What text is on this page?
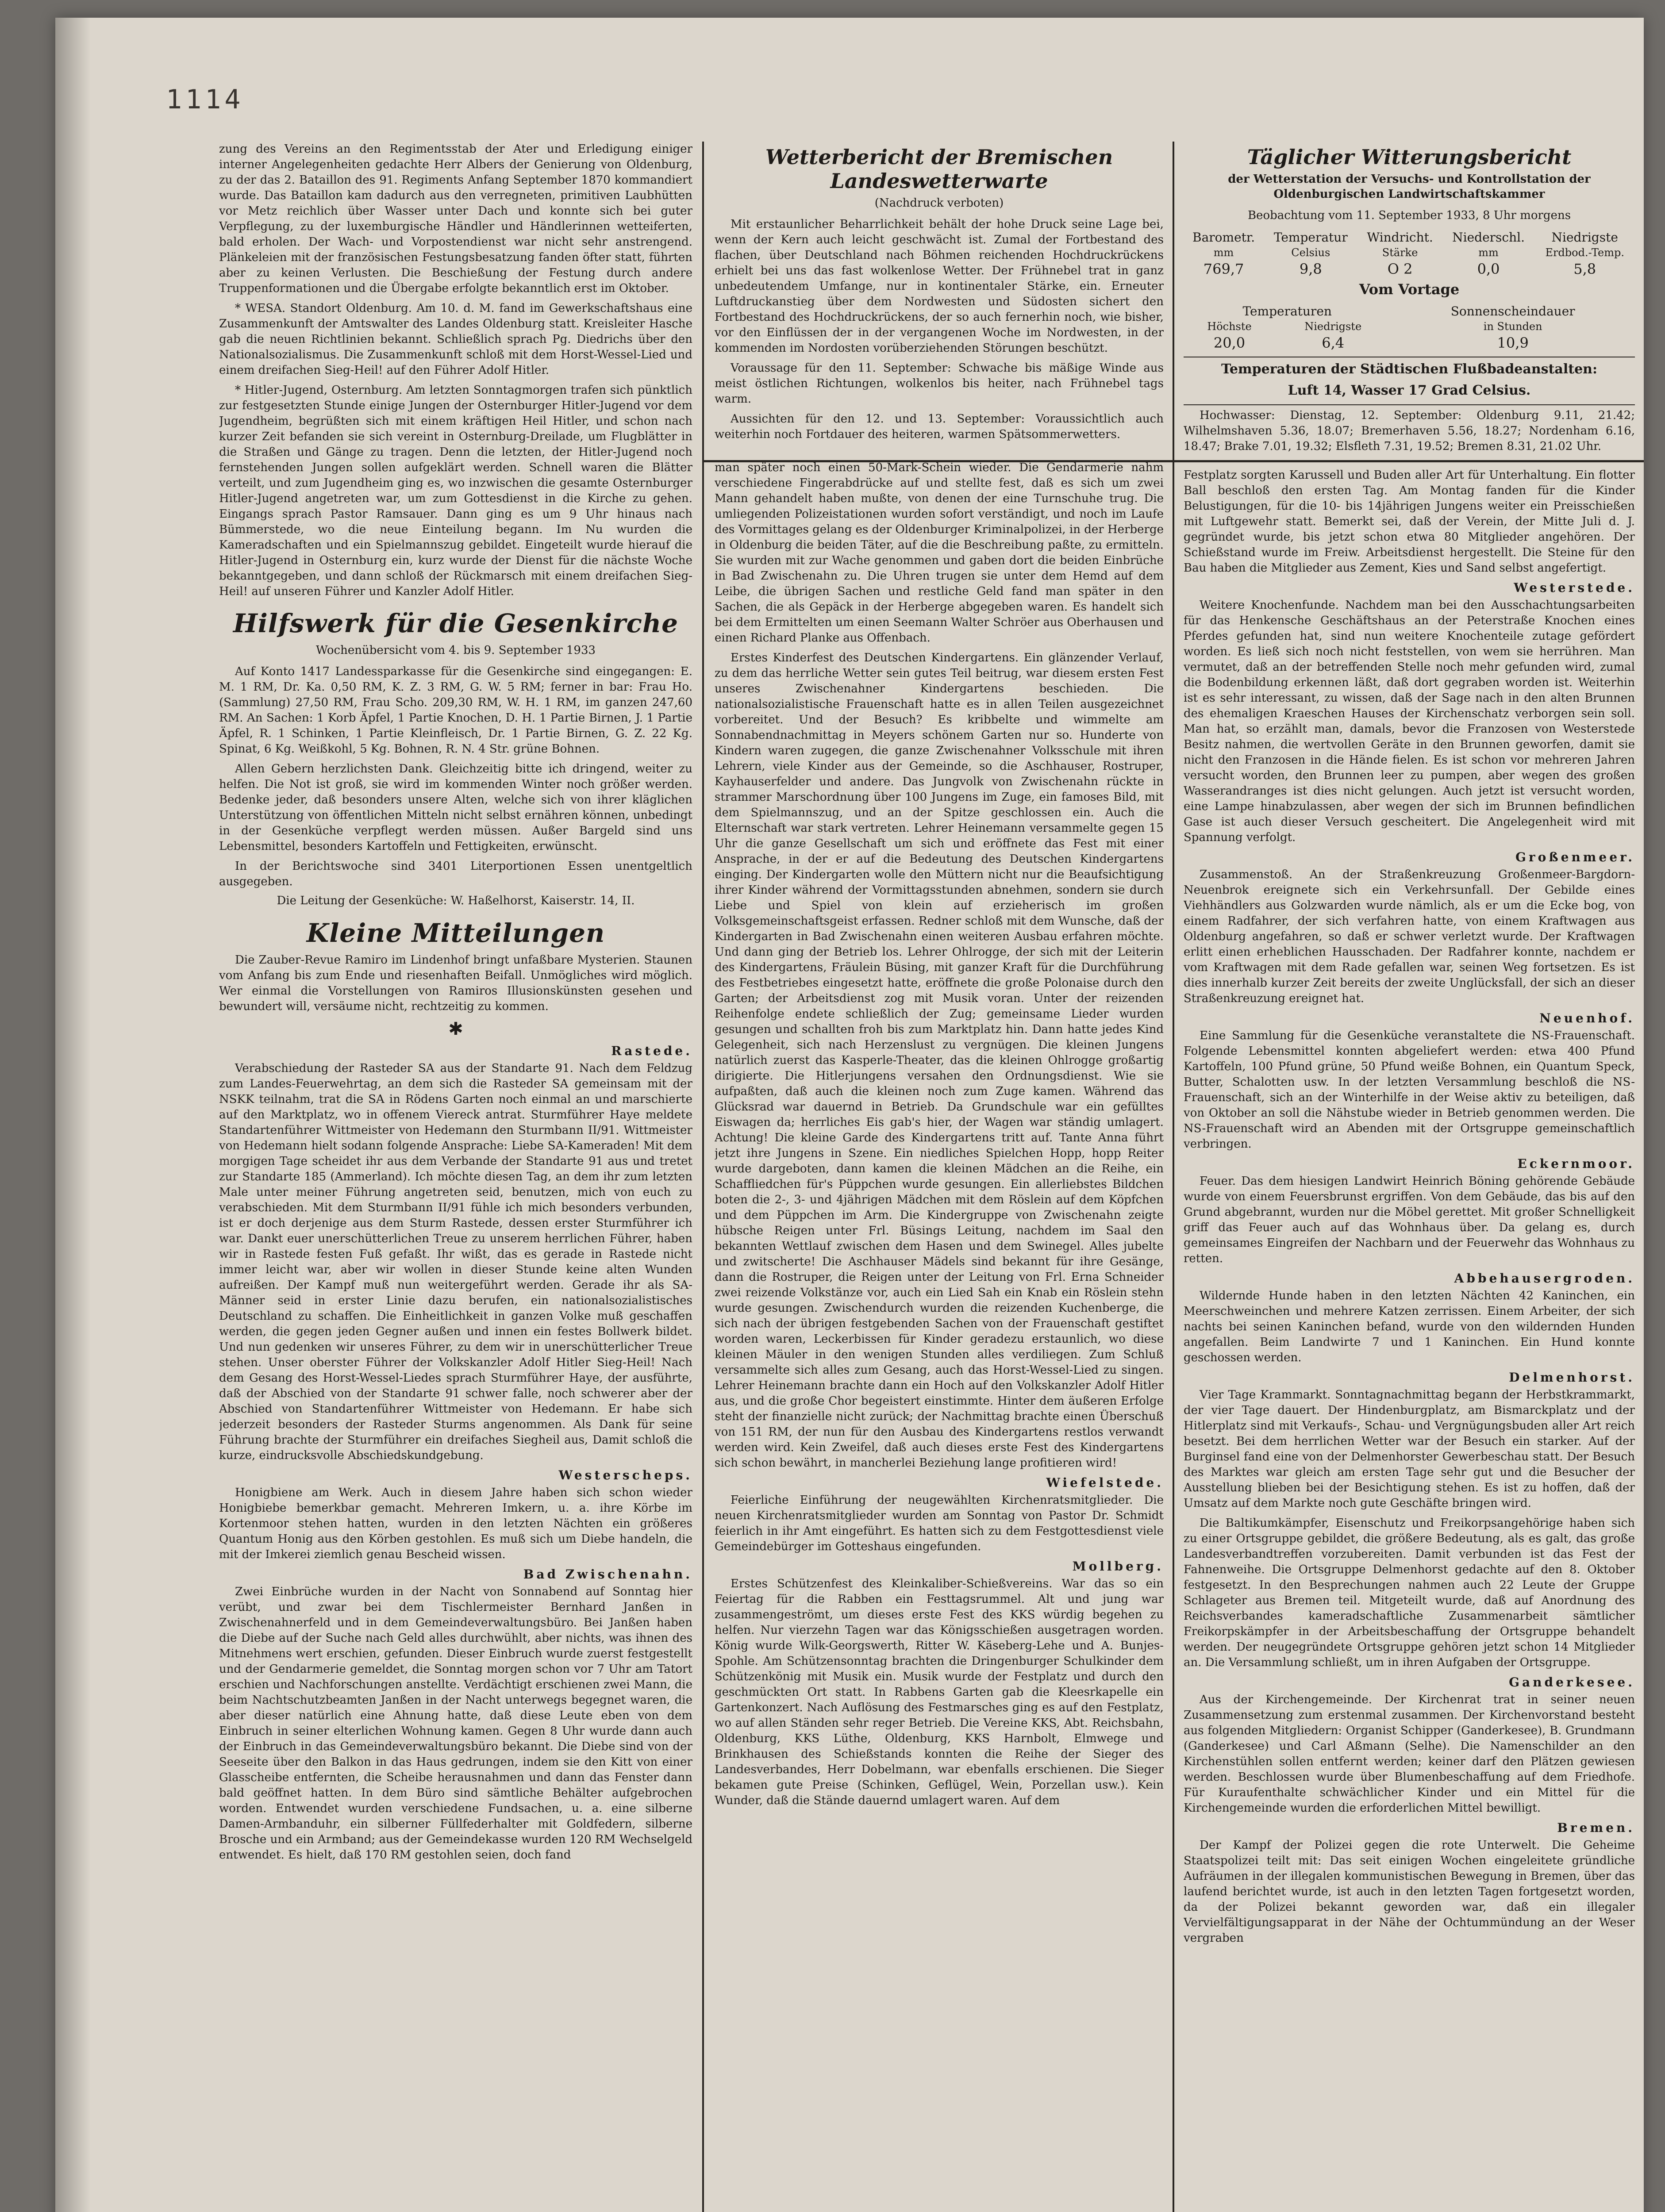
1114

zung des Vereins an den Regimentsstab der Ater und Erledigung einiger interner Angelegenheiten gedachte Herr Albers der Genierung von Oldenburg, zu der das 2. Bataillon des 91. Regiments Anfang September 1870 kommandiert wurde. Das Bataillon kam dadurch aus den verregneten, primitiven Laubhütten vor Metz reichlich über Wasser unter Dach und konnte sich bei guter Verpflegung, zu der luxemburgische Händler und Händlerinnen wetteiferten, bald erholen. Der Wach- und Vorpostendienst war nicht sehr anstrengend. Plänkeleien mit der französischen Festungsbesatzung fanden öfter statt, führten aber zu keinen Verlusten. Die Beschießung der Festung durch andere Truppenformationen und die Übergabe erfolgte bekanntlich erst im Oktober.

* WESA. Standort Oldenburg. Am 10. d. M. fand im Gewerkschaftshaus eine Zusammenkunft der Amtswalter des Landes Oldenburg statt. Kreisleiter Hasche gab die neuen Richtlinien bekannt. Schließlich sprach Pg. Diedrichs über den Nationalsozialismus. Die Zusammenkunft schloß mit dem Horst-Wessel-Lied und einem dreifachen Sieg-Heil! auf den Führer Adolf Hitler.

* Hitler-Jugend, Osternburg. Am letzten Sonntagmorgen trafen sich pünktlich zur festgesetzten Stunde einige Jungen der Osternburger Hitler-Jugend vor dem Jugendheim, begrüßten sich mit einem kräftigen Heil Hitler, und schon nach kurzer Zeit befanden sie sich vereint in Osternburg-Dreilade, um Flugblätter in die Straßen und Gänge zu tragen. Denn die letzten, der Hitler-Jugend noch fernstehenden Jungen sollen aufgeklärt werden. Schnell waren die Blätter verteilt, und zum Jugendheim ging es, wo inzwischen die gesamte Osternburger Hitler-Jugend angetreten war, um zum Gottesdienst in die Kirche zu gehen. Eingangs sprach Pastor Ramsauer. Dann ging es um 9 Uhr hinaus nach Bümmerstede, wo die neue Einteilung begann. Im Nu wurden die Kameradschaften und ein Spielmannszug gebildet. Eingeteilt wurde hierauf die Hitler-Jugend in Osternburg ein, kurz wurde der Dienst für die nächste Woche bekanntgegeben, und dann schloß der Rückmarsch mit einem dreifachen Sieg-Heil! auf unseren Führer und Kanzler Adolf Hitler.

Hilfswerk für die Gesenkirche
Wochenübersicht vom 4. bis 9. September 1933

Auf Konto 1417 Landessparkasse für die Gesenkirche sind eingegangen: E. M. 1 RM, Dr. Ka. 0,50 RM, K. Z. 3 RM, G. W. 5 RM; ferner in bar: Frau Ho. (Sammlung) 27,50 RM, Frau Scho. 209,30 RM, W. H. 1 RM, im ganzen 247,60 RM. An Sachen: 1 Korb Äpfel, 1 Partie Knochen, D. H. 1 Partie Birnen, J. 1 Partie Äpfel, R. 1 Schinken, 1 Partie Kleinfleisch, Dr. 1 Partie Birnen, G. Z. 22 Kg. Spinat, 6 Kg. Weißkohl, 5 Kg. Bohnen, R. N. 4 Str. grüne Bohnen.

Allen Gebern herzlichsten Dank. Gleichzeitig bitte ich dringend, weiter zu helfen. Die Not ist groß, sie wird im kommenden Winter noch größer werden. Bedenke jeder, daß besonders unsere Alten, welche sich von ihrer kläglichen Unterstützung von öffentlichen Mitteln nicht selbst ernähren können, unbedingt in der Gesenküche verpflegt werden müssen. Außer Bargeld sind uns Lebensmittel, besonders Kartoffeln und Fettigkeiten, erwünscht.

In der Berichtswoche sind 3401 Literportionen Essen unentgeltlich ausgegeben.

Die Leitung der Gesenküche: W. Haßelhorst, Kaiserstr. 14, II.
Kleine Mitteilungen

Die Zauber-Revue Ramiro im Lindenhof bringt unfaßbare Mysterien. Staunen vom Anfang bis zum Ende und riesenhaften Beifall. Unmögliches wird möglich. Wer einmal die Vorstellungen von Ramiros Illusionskünsten gesehen und bewundert will, versäume nicht, rechtzeitig zu kommen.

✱
Rastede.

Verabschiedung der Rasteder SA aus der Standarte 91. Nach dem Feldzug zum Landes-Feuerwehrtag, an dem sich die Rasteder SA gemeinsam mit der NSKK teilnahm, trat die SA in Rödens Garten noch einmal an und marschierte auf den Marktplatz, wo in offenem Viereck antrat. Sturmführer Haye meldete Standartenführer Wittmeister von Hedemann den Sturmbann II/91. Wittmeister von Hedemann hielt sodann folgende Ansprache: Liebe SA-Kameraden! Mit dem morgigen Tage scheidet ihr aus dem Verbande der Standarte 91 aus und tretet zur Standarte 185 (Ammerland). Ich möchte diesen Tag, an dem ihr zum letzten Male unter meiner Führung angetreten seid, benutzen, mich von euch zu verabschieden. Mit dem Sturmbann II/91 fühle ich mich besonders verbunden, ist er doch derjenige aus dem Sturm Rastede, dessen erster Sturmführer ich war. Dankt euer unerschütterlichen Treue zu unserem herrlichen Führer, haben wir in Rastede festen Fuß gefaßt. Ihr wißt, das es gerade in Rastede nicht immer leicht war, aber wir wollen in dieser Stunde keine alten Wunden aufreißen. Der Kampf muß nun weitergeführt werden. Gerade ihr als SA-Männer seid in erster Linie dazu berufen, ein nationalsozialistisches Deutschland zu schaffen. Die Einheitlichkeit in ganzen Volke muß geschaffen werden, die gegen jeden Gegner außen und innen ein festes Bollwerk bildet. Und nun gedenken wir unseres Führer, zu dem wir in unerschütterlicher Treue stehen. Unser oberster Führer der Volkskanzler Adolf Hitler Sieg-Heil! Nach dem Gesang des Horst-Wessel-Liedes sprach Sturmführer Haye, der ausführte, daß der Abschied von der Standarte 91 schwer falle, noch schwerer aber der Abschied von Standartenführer Wittmeister von Hedemann. Er habe sich jederzeit besonders der Rasteder Sturms angenommen. Als Dank für seine Führung brachte der Sturmführer ein dreifaches Siegheil aus, Damit schloß die kurze, eindrucksvolle Abschiedskundgebung.

Westerscheps.

Honigbiene am Werk. Auch in diesem Jahre haben sich schon wieder Honigbiebe bemerkbar gemacht. Mehreren Imkern, u. a. ihre Körbe im Kortenmoor stehen hatten, wurden in den letzten Nächten ein größeres Quantum Honig aus den Körben gestohlen. Es muß sich um Diebe handeln, die mit der Imkerei ziemlich genau Bescheid wissen.

Bad Zwischenahn.

Zwei Einbrüche wurden in der Nacht von Sonnabend auf Sonntag hier verübt, und zwar bei dem Tischlermeister Bernhard Janßen in Zwischenahnerfeld und in dem Gemeindeverwaltungsbüro. Bei Janßen haben die Diebe auf der Suche nach Geld alles durchwühlt, aber nichts, was ihnen des Mitnehmens wert erschien, gefunden. Dieser Einbruch wurde zuerst festgestellt und der Gendarmerie gemeldet, die Sonntag morgen schon vor 7 Uhr am Tatort erschien und Nachforschungen anstellte. Verdächtigt erschienen zwei Mann, die beim Nachtschutzbeamten Janßen in der Nacht unterwegs begegnet waren, die aber dieser natürlich eine Ahnung hatte, daß diese Leute eben von dem Einbruch in seiner elterlichen Wohnung kamen. Gegen 8 Uhr wurde dann auch der Einbruch in das Gemeindeverwaltungsbüro bekannt. Die Diebe sind von der Seeseite über den Balkon in das Haus gedrungen, indem sie den Kitt von einer Glasscheibe entfernten, die Scheibe herausnahmen und dann das Fenster dann bald geöffnet hatten. In dem Büro sind sämtliche Behälter aufgebrochen worden. Entwendet wurden verschiedene Fundsachen, u. a. eine silberne Damen-Armbanduhr, ein silberner Füllfederhalter mit Goldfedern, silberne Brosche und ein Armband; aus der Gemeindekasse wurden 120 RM Wechselgeld entwendet. Es hielt, daß 170 RM gestohlen seien, doch fand

Wetterbericht der Bremischen Landeswetterwarte
(Nachdruck verboten)

Mit erstaunlicher Beharrlichkeit behält der hohe Druck seine Lage bei, wenn der Kern auch leicht geschwächt ist. Zumal der Fortbestand des flachen, über Deutschland nach Böhmen reichenden Hochdruckrückens erhielt bei uns das fast wolkenlose Wetter. Der Frühnebel trat in ganz unbedeutendem Umfange, nur in kontinentaler Stärke, ein. Erneuter Luftdruckanstieg über dem Nordwesten und Südosten sichert den Fortbestand des Hochdruckrückens, der so auch fernerhin noch, wie bisher, vor den Einflüssen der in der vergangenen Woche im Nordwesten, in der kommenden im Nordosten vorüberziehenden Störungen beschützt.

Voraussage für den 11. September: Schwache bis mäßige Winde aus meist östlichen Richtungen, wolkenlos bis heiter, nach Frühnebel tags warm.

Aussichten für den 12. und 13. September: Voraussichtlich auch weiterhin noch Fortdauer des heiteren, warmen Spätsommerwetters.

man später noch einen 50-Mark-Schein wieder. Die Gendarmerie nahm verschiedene Fingerabdrücke auf und stellte fest, daß es sich um zwei Mann gehandelt haben mußte, von denen der eine Turnschuhe trug. Die umliegenden Polizeistationen wurden sofort verständigt, und noch im Laufe des Vormittages gelang es der Oldenburger Kriminalpolizei, in der Herberge in Oldenburg die beiden Täter, auf die die Beschreibung paßte, zu ermitteln. Sie wurden mit zur Wache genommen und gaben dort die beiden Einbrüche in Bad Zwischenahn zu. Die Uhren trugen sie unter dem Hemd auf dem Leibe, die übrigen Sachen und restliche Geld fand man später in den Sachen, die als Gepäck in der Herberge abgegeben waren. Es handelt sich bei dem Ermittelten um einen Seemann Walter Schröer aus Oberhausen und einen Richard Planke aus Offenbach.

Erstes Kinderfest des Deutschen Kindergartens. Ein glänzender Verlauf, zu dem das herrliche Wetter sein gutes Teil beitrug, war diesem ersten Fest unseres Zwischenahner Kindergartens beschieden. Die nationalsozialistische Frauenschaft hatte es in allen Teilen ausgezeichnet vorbereitet. Und der Besuch? Es kribbelte und wimmelte am Sonnabendnachmittag in Meyers schönem Garten nur so. Hunderte von Kindern waren zugegen, die ganze Zwischenahner Volksschule mit ihren Lehrern, viele Kinder aus der Gemeinde, so die Aschhauser, Rostruper, Kayhauserfelder und andere. Das Jungvolk von Zwischenahn rückte in strammer Marschordnung über 100 Jungens im Zuge, ein famoses Bild, mit dem Spielmannszug, und an der Spitze geschlossen ein. Auch die Elternschaft war stark vertreten. Lehrer Heinemann versammelte gegen 15 Uhr die ganze Gesellschaft um sich und eröffnete das Fest mit einer Ansprache, in der er auf die Bedeutung des Deutschen Kindergartens einging. Der Kindergarten wolle den Müttern nicht nur die Beaufsichtigung ihrer Kinder während der Vormittagsstunden abnehmen, sondern sie durch Liebe und Spiel von klein auf erzieherisch im großen Volksgemeinschaftsgeist erfassen. Redner schloß mit dem Wunsche, daß der Kindergarten in Bad Zwischenahn einen weiteren Ausbau erfahren möchte. Und dann ging der Betrieb los. Lehrer Ohlrogge, der sich mit der Leiterin des Kindergartens, Fräulein Büsing, mit ganzer Kraft für die Durchführung des Festbetriebes eingesetzt hatte, eröffnete die große Polonaise durch den Garten; der Arbeitsdienst zog mit Musik voran. Unter der reizenden Reihenfolge endete schließlich der Zug; gemeinsame Lieder wurden gesungen und schallten froh bis zum Marktplatz hin. Dann hatte jedes Kind Gelegenheit, sich nach Herzenslust zu vergnügen. Die kleinen Jungens natürlich zuerst das Kasperle-Theater, das die kleinen Ohlrogge großartig dirigierte. Die Hitlerjungens versahen den Ordnungsdienst. Wie sie aufpaßten, daß auch die kleinen noch zum Zuge kamen. Während das Glücksrad war dauernd in Betrieb. Da Grundschule war ein gefülltes Eiswagen da; herrliches Eis gab's hier, der Wagen war ständig umlagert. Achtung! Die kleine Garde des Kindergartens tritt auf. Tante Anna führt jetzt ihre Jungens in Szene. Ein niedliches Spielchen Hopp, hopp Reiter wurde dargeboten, dann kamen die kleinen Mädchen an die Reihe, ein Schaffliedchen für's Püppchen wurde gesungen. Ein allerliebstes Bildchen boten die 2-, 3- und 4jährigen Mädchen mit dem Röslein auf dem Köpfchen und dem Püppchen im Arm. Die Kindergruppe von Zwischenahn zeigte hübsche Reigen unter Frl. Büsings Leitung, nachdem im Saal den bekannten Wettlauf zwischen dem Hasen und dem Swinegel. Alles jubelte und zwitscherte! Die Aschhauser Mädels sind bekannt für ihre Gesänge, dann die Rostruper, die Reigen unter der Leitung von Frl. Erna Schneider zwei reizende Volkstänze vor, auch ein Lied Sah ein Knab ein Röslein stehn wurde gesungen. Zwischendurch wurden die reizenden Kuchenberge, die sich nach der übrigen festgebenden Sachen von der Frauenschaft gestiftet worden waren, Leckerbissen für Kinder geradezu erstaunlich, wo diese kleinen Mäuler in den wenigen Stunden alles verdiliegen. Zum Schluß versammelte sich alles zum Gesang, auch das Horst-Wessel-Lied zu singen. Lehrer Heinemann brachte dann ein Hoch auf den Volkskanzler Adolf Hitler aus, und die große Chor begeistert einstimmte. Hinter dem äußeren Erfolge steht der finanzielle nicht zurück; der Nachmittag brachte einen Überschuß von 151 RM, der nun für den Ausbau des Kindergartens restlos verwandt werden wird. Kein Zweifel, daß auch dieses erste Fest des Kindergartens sich schon bewährt, in mancherlei Beziehung lange profitieren wird!

Wiefelstede.

Feierliche Einführung der neugewählten Kirchenratsmitglieder. Die neuen Kirchenratsmitglieder wurden am Sonntag von Pastor Dr. Schmidt feierlich in ihr Amt eingeführt. Es hatten sich zu dem Festgottesdienst viele Gemeindebürger im Gotteshaus eingefunden.

Mollberg.

Erstes Schützenfest des Kleinkaliber-Schießvereins. War das so ein Feiertag für die Rabben ein Festtagsrummel. Alt und jung war zusammengeströmt, um dieses erste Fest des KKS würdig begehen zu helfen. Nur vierzehn Tagen war das Königsschießen ausgetragen worden. König wurde Wilk-Georgswerth, Ritter W. Käseberg-Lehe und A. Bunjes-Spohle. Am Schützensonntag brachten die Dringenburger Schulkinder dem Schützenkönig mit Musik ein. Musik wurde der Festplatz und durch den geschmückten Ort statt. In Rabbens Garten gab die Kleesrkapelle ein Gartenkonzert. Nach Auflösung des Festmarsches ging es auf den Festplatz, wo auf allen Ständen sehr reger Betrieb. Die Vereine KKS, Abt. Reichsbahn, Oldenburg, KKS Lüthe, Oldenburg, KKS Harnbolt, Elmwege und Brinkhausen des Schießstands konnten die Reihe der Sieger des Landesverbandes, Herr Dobelmann, war ebenfalls erschienen. Die Sieger bekamen gute Preise (Schinken, Geflügel, Wein, Porzellan usw.). Kein Wunder, daß die Stände dauernd umlagert waren. Auf dem

Täglicher Witterungsbericht
der Wetterstation der Versuchs- und Kontrollstation der Oldenburgischen Landwirtschaftskammer
Beobachtung vom 11. September 1933, 8 Uhr morgens
Barometr.	Temperatur	Windricht.	Niederschl.	Niedrigste
mm	Celsius	Stärke	mm	Erdbod.-Temp.
769,7	9,8	O 2	0,0	5,8
Vom Vortage
Temperaturen		Sonnenscheindauer
Höchste	Niedrigste	in Stunden
20,0	6,4	10,9
Temperaturen der Städtischen Flußbadeanstalten:
Luft 14, Wasser 17 Grad Celsius.

Hochwasser: Dienstag, 12. September: Oldenburg 9.11, 21.42; Wilhelmshaven 5.36, 18.07; Bremerhaven 5.56, 18.27; Nordenham 6.16, 18.47; Brake 7.01, 19.32; Elsfleth 7.31, 19.52; Bremen 8.31, 21.02 Uhr.

Festplatz sorgten Karussell und Buden aller Art für Unterhaltung. Ein flotter Ball beschloß den ersten Tag. Am Montag fanden für die Kinder Belustigungen, für die 10- bis 14jährigen Jungens weiter ein Preisschießen mit Luftgewehr statt. Bemerkt sei, daß der Verein, der Mitte Juli d. J. gegründet wurde, bis jetzt schon etwa 80 Mitglieder angehören. Der Schießstand wurde im Freiw. Arbeitsdienst hergestellt. Die Steine für den Bau haben die Mitglieder aus Zement, Kies und Sand selbst angefertigt.

Westerstede.

Weitere Knochenfunde. Nachdem man bei den Ausschachtungsarbeiten für das Henkensche Geschäftshaus an der Peterstraße Knochen eines Pferdes gefunden hat, sind nun weitere Knochenteile zutage gefördert worden. Es ließ sich noch nicht feststellen, von wem sie herrühren. Man vermutet, daß an der betreffenden Stelle noch mehr gefunden wird, zumal die Bodenbildung erkennen läßt, daß dort gegraben worden ist. Weiterhin ist es sehr interessant, zu wissen, daß der Sage nach in den alten Brunnen des ehemaligen Kraeschen Hauses der Kirchenschatz verborgen sein soll. Man hat, so erzählt man, damals, bevor die Franzosen von Westerstede Besitz nahmen, die wertvollen Geräte in den Brunnen geworfen, damit sie nicht den Franzosen in die Hände fielen. Es ist schon vor mehreren Jahren versucht worden, den Brunnen leer zu pumpen, aber wegen des großen Wasserandranges ist dies nicht gelungen. Auch jetzt ist versucht worden, eine Lampe hinabzulassen, aber wegen der sich im Brunnen befindlichen Gase ist auch dieser Versuch gescheitert. Die Angelegenheit wird mit Spannung verfolgt.

Großenmeer.

Zusammenstoß. An der Straßenkreuzung Großenmeer-Bargdorn-Neuenbrok ereignete sich ein Verkehrsunfall. Der Gebilde eines Viehhändlers aus Golzwarden wurde nämlich, als er um die Ecke bog, von einem Radfahrer, der sich verfahren hatte, von einem Kraftwagen aus Oldenburg angefahren, so daß er schwer verletzt wurde. Der Kraftwagen erlitt einen erheblichen Hausschaden. Der Radfahrer konnte, nachdem er vom Kraftwagen mit dem Rade gefallen war, seinen Weg fortsetzen. Es ist dies innerhalb kurzer Zeit bereits der zweite Unglücksfall, der sich an dieser Straßenkreuzung ereignet hat.

Neuenhof.

Eine Sammlung für die Gesenküche veranstaltete die NS-Frauenschaft. Folgende Lebensmittel konnten abgeliefert werden: etwa 400 Pfund Kartoffeln, 100 Pfund grüne, 50 Pfund weiße Bohnen, ein Quantum Speck, Butter, Schalotten usw. In der letzten Versammlung beschloß die NS-Frauenschaft, sich an der Winterhilfe in der Weise aktiv zu beteiligen, daß von Oktober an soll die Nähstube wieder in Betrieb genommen werden. Die NS-Frauenschaft wird an Abenden mit der Ortsgruppe gemeinschaftlich verbringen.

Eckernmoor.

Feuer. Das dem hiesigen Landwirt Heinrich Böning gehörende Gebäude wurde von einem Feuersbrunst ergriffen. Von dem Gebäude, das bis auf den Grund abgebrannt, wurden nur die Möbel gerettet. Mit großer Schnelligkeit griff das Feuer auch auf das Wohnhaus über. Da gelang es, durch gemeinsames Eingreifen der Nachbarn und der Feuerwehr das Wohnhaus zu retten.

Abbehausergroden.

Wildernde Hunde haben in den letzten Nächten 42 Kaninchen, ein Meerschweinchen und mehrere Katzen zerrissen. Einem Arbeiter, der sich nachts bei seinen Kaninchen befand, wurde von den wildernden Hunden angefallen. Beim Landwirte 7 und 1 Kaninchen. Ein Hund konnte geschossen werden.

Delmenhorst.

Vier Tage Krammarkt. Sonntagnachmittag begann der Herbstkrammarkt, der vier Tage dauert. Der Hindenburgplatz, am Bismarckplatz und der Hitlerplatz sind mit Verkaufs-, Schau- und Vergnügungsbuden aller Art reich besetzt. Bei dem herrlichen Wetter war der Besuch ein starker. Auf der Burginsel fand eine von der Delmenhorster Gewerbeschau statt. Der Besuch des Marktes war gleich am ersten Tage sehr gut und die Besucher der Ausstellung blieben bei der Besichtigung stehen. Es ist zu hoffen, daß der Umsatz auf dem Markte noch gute Geschäfte bringen wird.

Die Baltikumkämpfer, Eisenschutz und Freikorpsangehörige haben sich zu einer Ortsgruppe gebildet, die größere Bedeutung, als es galt, das große Landesverbandtreffen vorzubereiten. Damit verbunden ist das Fest der Fahnenweihe. Die Ortsgruppe Delmenhorst gedachte auf den 8. Oktober festgesetzt. In den Besprechungen nahmen auch 22 Leute der Gruppe Schlageter aus Bremen teil. Mitgeteilt wurde, daß auf Anordnung des Reichsverbandes kameradschaftliche Zusammenarbeit sämtlicher Freikorpskämpfer in der Arbeitsbeschaffung der Ortsgruppe behandelt werden. Der neugegründete Ortsgruppe gehören jetzt schon 14 Mitglieder an. Die Versammlung schließt, um in ihren Aufgaben der Ortsgruppe.

Ganderkesee.

Aus der Kirchengemeinde. Der Kirchenrat trat in seiner neuen Zusammensetzung zum erstenmal zusammen. Der Kirchenvorstand besteht aus folgenden Mitgliedern: Organist Schipper (Ganderkesee), B. Grundmann (Ganderkesee) und Carl Aßmann (Selhe). Die Namenschilder an den Kirchenstühlen sollen entfernt werden; keiner darf den Plätzen gewiesen werden. Beschlossen wurde über Blumenbeschaffung auf dem Friedhofe. Für Kuraufenthalte schwächlicher Kinder und ein Mittel für die Kirchengemeinde wurden die erforderlichen Mittel bewilligt.

Bremen.

Der Kampf der Polizei gegen die rote Unterwelt. Die Geheime Staatspolizei teilt mit: Das seit einigen Wochen eingeleitete gründliche Aufräumen in der illegalen kommunistischen Bewegung in Bremen, über das laufend berichtet wurde, ist auch in den letzten Tagen fortgesetzt worden, da der Polizei bekannt geworden war, daß ein illegaler Vervielfältigungsapparat in der Nähe der Ochtummündung an der Weser vergraben
